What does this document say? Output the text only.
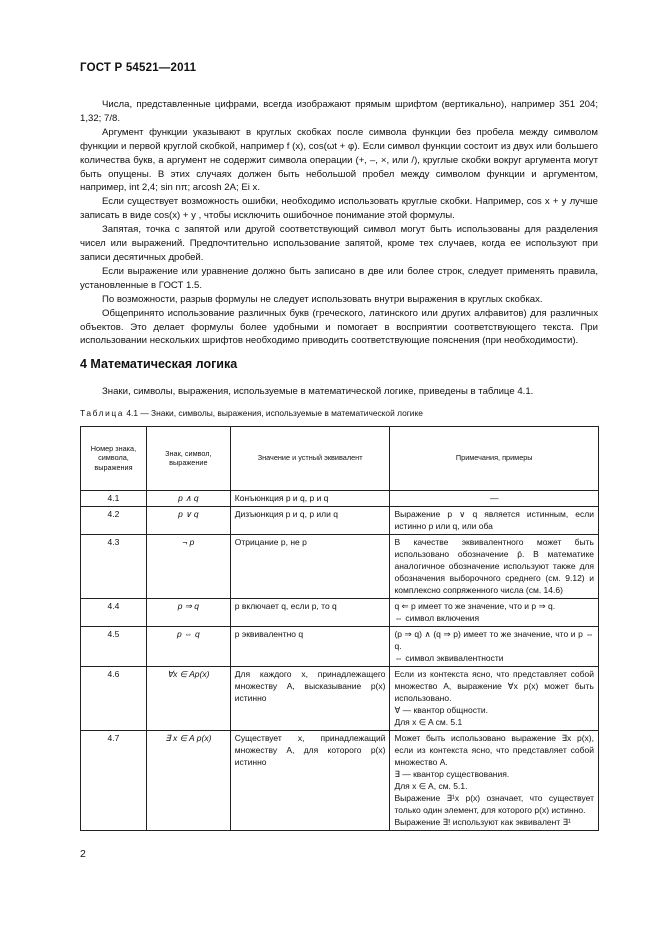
ГОСТ Р 54521—2011

Числа, представленные цифрами, всегда изображают прямым шрифтом (вертикально), например 351 204; 1,32; 7/8.

Аргумент функции указывают в круглых скобках после символа функции без пробела между символом функции и первой круглой скобкой, например f (x), cos(ωt + φ). Если символ функции состоит из двух или большего количества букв, а аргумент не содержит символа операции (+, –, ×, или /), круглые скобки вокруг аргумента могут быть опущены. В этих случаях должен быть небольшой пробел между символом функции и аргументом, например, int 2,4; sin nπ; arcosh 2A; Ei x.

Если существует возможность ошибки, необходимо использовать круглые скобки. Например, cos x + y лучше записать в виде cos(x) + y , чтобы исключить ошибочное понимание этой формулы.

Запятая, точка с запятой или другой соответствующий символ могут быть использованы для разделения чисел или выражений. Предпочтительно использование запятой, кроме тех случаев, когда ее используют при записи десятичных дробей.

Если выражение или уравнение должно быть записано в две или более строк, следует применять правила, установленные в ГОСТ 1.5.

По возможности, разрыв формулы не следует использовать внутри выражения в круглых скобках.

Общепринято использование различных букв (греческого, латинского или других алфавитов) для различных объектов. Это делает формулы более удобными и помогает в восприятии соответствующего текста. При использовании нескольких шрифтов необходимо приводить соответствующие пояснения (при необходимости).

4 Математическая логика
Знаки, символы, выражения, используемые в математической логике, приведены в таблице 4.1.
Таблица 4.1 — Знаки, символы, выражения, используемые в математической логике
Номер знака, символа, выражения	Знак, символ, выражение	Значение и устный эквивалент	Примечания, примеры
4.1	p ∧ q	Конъюнкция p и q, p и q	—

4.2	p ∨ q	Дизъюнкция p и q, p или q	Выражение p ∨ q является истинным, если истинно p или q, или оба

4.3	¬ p	Отрицание p, не p	В качестве эквивалентного может быть использовано обозначение p̄. В математике аналогичное обозначение используют также для обозначения выборочного среднего (см. 9.12) и комплексно сопряженного числа (см. 14.6)

4.4	p ⇒ q	p включает q, если p, то q	q ⇐ p имеет то же значение, что и p ⇒ q.
⇔ символ включения

4.5	p ⇔ q	p эквивалентно q	(p ⇒ q) ∧ (q ⇒ p) имеет то же значение, что и p ⇔ q.
⇔ символ эквивалентности

4.6	∀x ∈ Ap(x)	Для каждого x, принадлежащего множеству A, высказывание p(x) истинно	Если из контекста ясно, что представляет собой множество A, выражение ∀x p(x) может быть использовано.
∀ — квантор общности.
Для x ∈ A см. 5.1

4.7	∃ x ∈ A p(x)	Существует x, принадлежащий множеству A, для которого p(x) истинно	Может быть использовано выражение ∃x p(x), если из контекста ясно, что представляет собой множество A.
∃ — квантор существования.
Для x ∈ A, см. 5.1.
Выражение ∃¹x p(x) означает, что существует только один элемент, для которого p(x) истинно.
Выражение ∃! используют как эквивалент ∃¹
2
